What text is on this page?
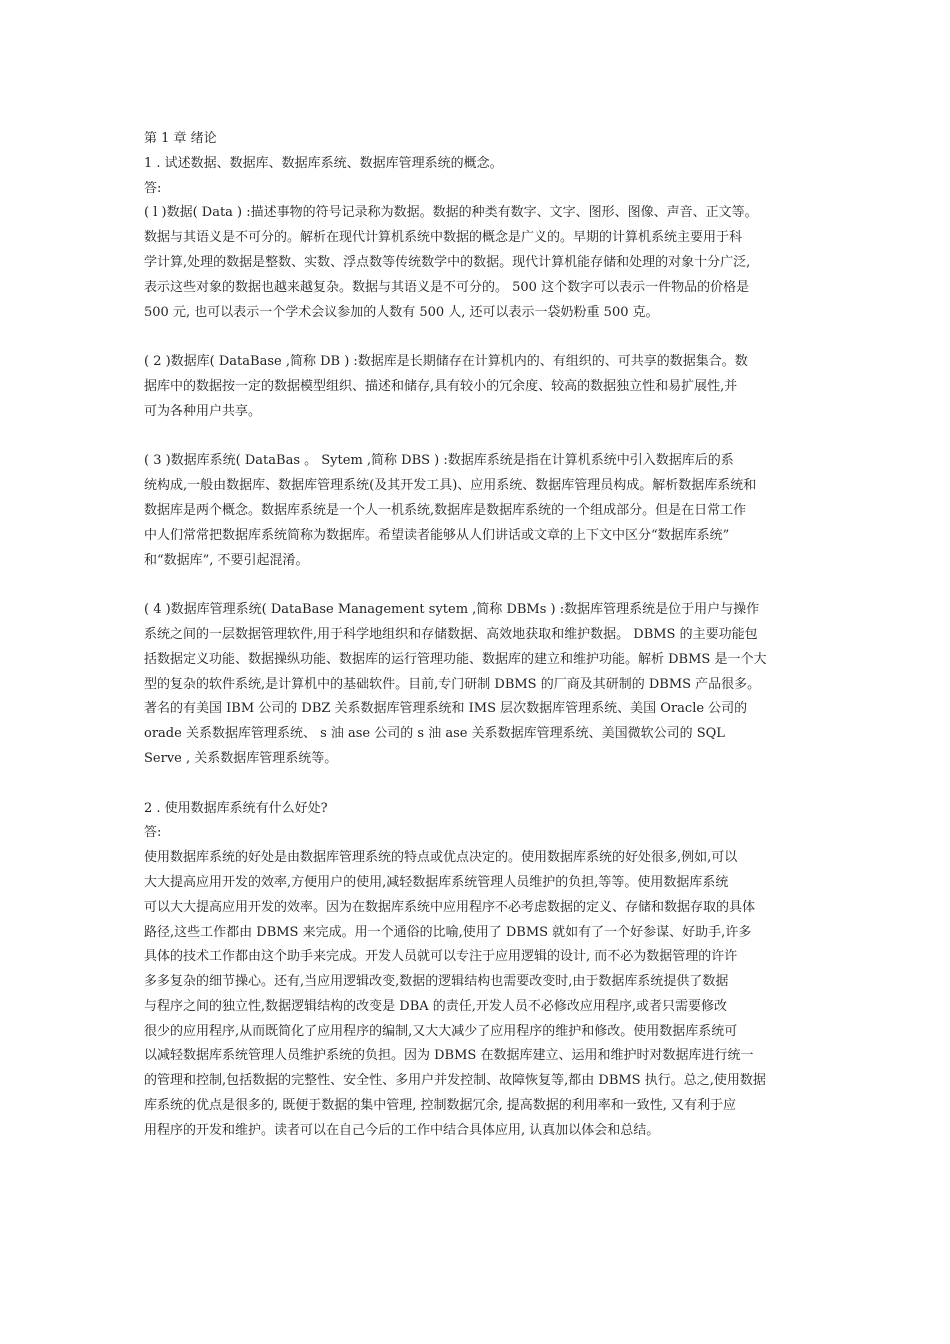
第 1 章 绪论
1 . 试述数据、数据库、数据库系统、数据库管理系统的概念。
答:
( l )数据( Data ) :描述事物的符号记录称为数据。数据的种类有数字、文字、图形、图像、声音、正文等。
数据与其语义是不可分的。解析在现代计算机系统中数据的概念是广义的。早期的计算机系统主要用于科
学计算,处理的数据是整数、实数、浮点数等传统数学中的数据。现代计算机能存储和处理的对象十分广泛,
表示这些对象的数据也越来越复杂。数据与其语义是不可分的。 500 这个数字可以表示一件物品的价格是
500 元, 也可以表示一个学术会议参加的人数有 500 人, 还可以表示一袋奶粉重 500 克。
( 2 )数据库( DataBase ,简称 DB ) :数据库是长期储存在计算机内的、有组织的、可共享的数据集合。数
据库中的数据按一定的数据模型组织、描述和储存,具有较小的冗余度、较高的数据独立性和易扩展性,并
可为各种用户共享。
( 3 )数据库系统( DataBas 。 Sytem ,简称 DBS ) :数据库系统是指在计算机系统中引入数据库后的系
统构成,一般由数据库、数据库管理系统(及其开发工具)、应用系统、数据库管理员构成。解析数据库系统和
数据库是两个概念。数据库系统是一个人一机系统,数据库是数据库系统的一个组成部分。但是在日常工作
中人们常常把数据库系统简称为数据库。希望读者能够从人们讲话或文章的上下文中区分“数据库系统”
和“数据库”, 不要引起混淆。
( 4 )数据库管理系统( DataBase Management sytem ,简称 DBMs ) :数据库管理系统是位于用户与操作
系统之间的一层数据管理软件,用于科学地组织和存储数据、高效地获取和维护数据。 DBMS 的主要功能包
括数据定义功能、数据操纵功能、数据库的运行管理功能、数据库的建立和维护功能。解析 DBMS 是一个大
型的复杂的软件系统,是计算机中的基础软件。目前,专门研制 DBMS 的厂商及其研制的 DBMS 产品很多。
著名的有美国 IBM 公司的 DBZ 关系数据库管理系统和 IMS 层次数据库管理系统、美国 Oracle 公司的
orade 关系数据库管理系统、 s 油 ase 公司的 s 油 ase 关系数据库管理系统、美国微软公司的 SQL
Serve , 关系数据库管理系统等。
2 . 使用数据库系统有什么好处?
答:
使用数据库系统的好处是由数据库管理系统的特点或优点决定的。使用数据库系统的好处很多,例如,可以
大大提高应用开发的效率,方便用户的使用,减轻数据库系统管理人员维护的负担,等等。使用数据库系统
可以大大提高应用开发的效率。因为在数据库系统中应用程序不必考虑数据的定义、存储和数据存取的具体
路径,这些工作都由 DBMS 来完成。用一个通俗的比喻,使用了 DBMS 就如有了一个好参谋、好助手,许多
具体的技术工作都由这个助手来完成。开发人员就可以专注于应用逻辑的设计, 而不必为数据管理的许许
多多复杂的细节操心。还有,当应用逻辑改变,数据的逻辑结构也需要改变时,由于数据库系统提供了数据
与程序之间的独立性,数据逻辑结构的改变是 DBA 的责任,开发人员不必修改应用程序,或者只需要修改
很少的应用程序,从而既简化了应用程序的编制,又大大减少了应用程序的维护和修改。使用数据库系统可
以减轻数据库系统管理人员维护系统的负担。因为 DBMS 在数据库建立、运用和维护时对数据库进行统一
的管理和控制,包括数据的完整性、安全性、多用户并发控制、故障恢复等,都由 DBMS 执行。总之,使用数据
库系统的优点是很多的, 既便于数据的集中管理, 控制数据冗余, 提高数据的利用率和一致性, 又有利于应
用程序的开发和维护。读者可以在自己今后的工作中结合具体应用, 认真加以体会和总结。
